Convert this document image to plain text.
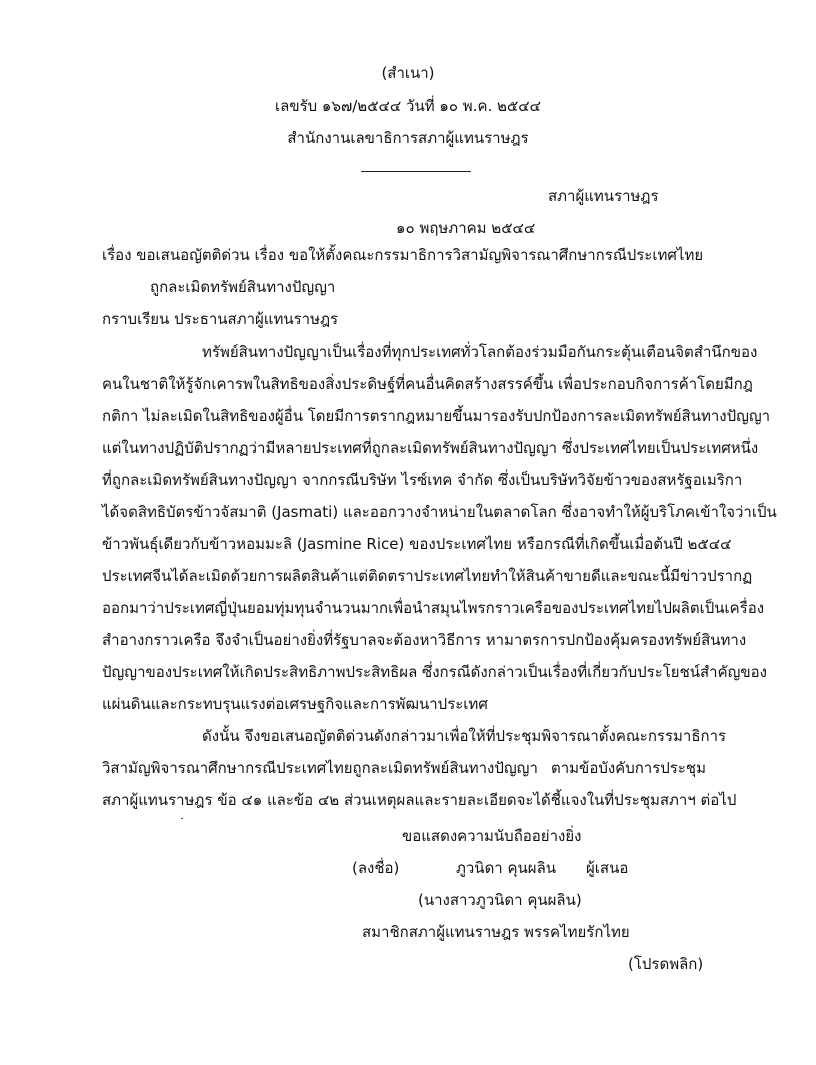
(สำเนา)
เลขรับ ๑๖๗/๒๕๔๔ วันที่ ๑๐ พ.ค. ๒๕๔๔
สำนักงานเลขาธิการสภาผู้แทนราษฎร
สภาผู้แทนราษฎร
๑๐ พฤษภาคม ๒๕๔๔
เรื่อง ขอเสนอญัตติด่วน เรื่อง ขอให้ตั้งคณะกรรมาธิการวิสามัญพิจารณาศึกษากรณีประเทศไทย
ถูกละเมิดทรัพย์สินทางปัญญา
กราบเรียน ประธานสภาผู้แทนราษฎร
ทรัพย์สินทางปัญญาเป็นเรื่องที่ทุกประเทศทั่วโลกต้องร่วมมือกันกระตุ้นเตือนจิตสำนึกของ
คนในชาติให้รู้จักเคารพในสิทธิของสิ่งประดิษฐ์ที่คนอื่นคิดสร้างสรรค์ขึ้น เพื่อประกอบกิจการค้าโดยมีกฎ
กติกา ไม่ละเมิดในสิทธิของผู้อื่น โดยมีการตรากฎหมายขึ้นมารองรับปกป้องการละเมิดทรัพย์สินทางปัญญา
แต่ในทางปฏิบัติปรากฏว่ามีหลายประเทศที่ถูกละเมิดทรัพย์สินทางปัญญา ซึ่งประเทศไทยเป็นประเทศหนึ่ง
ที่ถูกละเมิดทรัพย์สินทางปัญญา จากกรณีบริษัท ไรซ์เทค จำกัด ซึ่งเป็นบริษัทวิจัยข้าวของสหรัฐอเมริกา
ได้จดสิทธิบัตรข้าวจัสมาติ (Jasmati) และออกวางจำหน่ายในตลาดโลก ซึ่งอาจทำให้ผู้บริโภคเข้าใจว่าเป็น
ข้าวพันธุ์เดียวกับข้าวหอมมะลิ (Jasmine Rice) ของประเทศไทย หรือกรณีที่เกิดขึ้นเมื่อต้นปี ๒๕๔๔
ประเทศจีนได้ละเมิดด้วยการผลิตสินค้าแต่ติดตราประเทศไทยทำให้สินค้าขายดีและขณะนี้มีข่าวปรากฏ
ออกมาว่าประเทศญี่ปุ่นยอมทุ่มทุนจำนวนมากเพื่อนำสมุนไพรกราวเครือของประเทศไทยไปผลิตเป็นเครื่อง
สำอางกราวเครือ จึงจำเป็นอย่างยิ่งที่รัฐบาลจะต้องหาวิธีการ หามาตรการปกป้องคุ้มครองทรัพย์สินทาง
ปัญญาของประเทศให้เกิดประสิทธิภาพประสิทธิผล ซึ่งกรณีดังกล่าวเป็นเรื่องที่เกี่ยวกับประโยชน์สำคัญของ
แผ่นดินและกระทบรุนแรงต่อเศรษฐกิจและการพัฒนาประเทศ
ดังนั้น จึงขอเสนอญัตติด่วนดังกล่าวมาเพื่อให้ที่ประชุมพิจารณาตั้งคณะกรรมาธิการ
วิสามัญพิจารณาศึกษากรณีประเทศไทยถูกละเมิดทรัพย์สินทางปัญญา ตามข้อบังคับการประชุม
สภาผู้แทนราษฎร ข้อ ๔๑ และข้อ ๔๒ ส่วนเหตุผลและรายละเอียดจะได้ชี้แจงในที่ประชุมสภาฯ ต่อไป
ขอแสดงความนับถืออย่างยิ่ง
(ลงชื่อ)	ภูวนิดา คุนผลิน ผู้เสนอ
(นางสาวภูวนิดา คุนผลิน)
สมาชิกสภาผู้แทนราษฎร พรรคไทยรักไทย
(โปรดพลิก)
